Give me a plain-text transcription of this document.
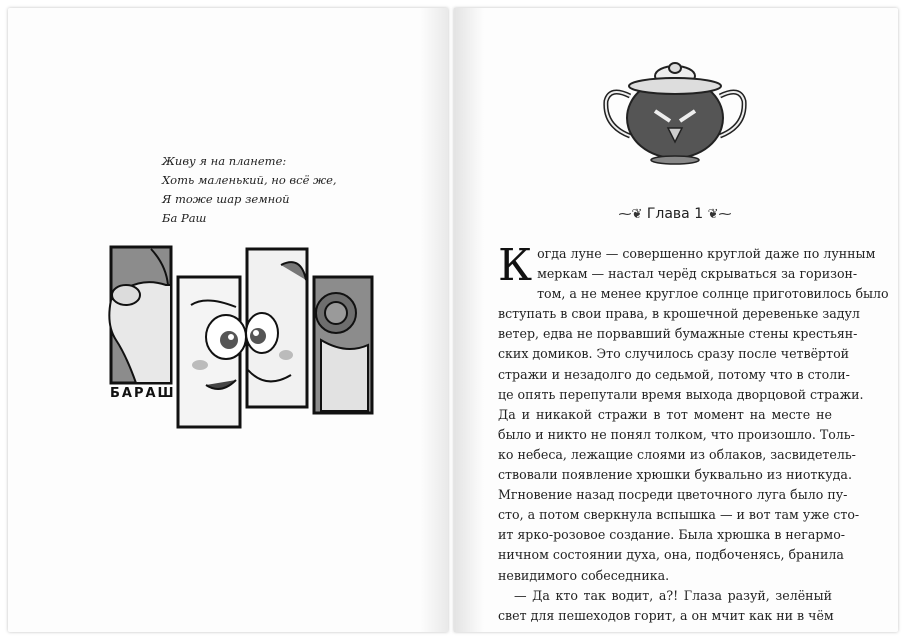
Живу я на планете:
Хоть маленький, но всё же,
Я тоже шар земной
Ба Раш
БАРАШ
⁓❦ Глава 1 ❦⁓
К огда луне — совершенно круглой даже по лунным
меркам — настал черёд скрываться за горизон-
том, а не менее круглое солнце приготовилось было
вступать в свои права, в крошечной деревеньке задул
ветер, едва не порвавший бумажные стены крестьян-
ских домиков. Это случилось сразу после четвёртой
стражи и незадолго до седьмой, потому что в столи-
це опять перепутали время выхода дворцовой стражи.
Да и никакой стражи в тот момент на месте не
было и никто не понял толком, что произошло. Толь-
ко небеса, лежащие слоями из облаков, засвидетель-
ствовали появление хрюшки буквально из ниоткуда.
Мгновение назад посреди цветочного луга было пу-
сто, а потом сверкнула вспышка — и вот там уже сто-
ит ярко-розовое создание. Была хрюшка в негармо-
ничном состоянии духа, она, подбоченясь, бранила
невидимого собеседника.
— Да кто так водит, а?! Глаза разуй, зелёный
свет для пешеходов горит, а он мчит как ни в чём
